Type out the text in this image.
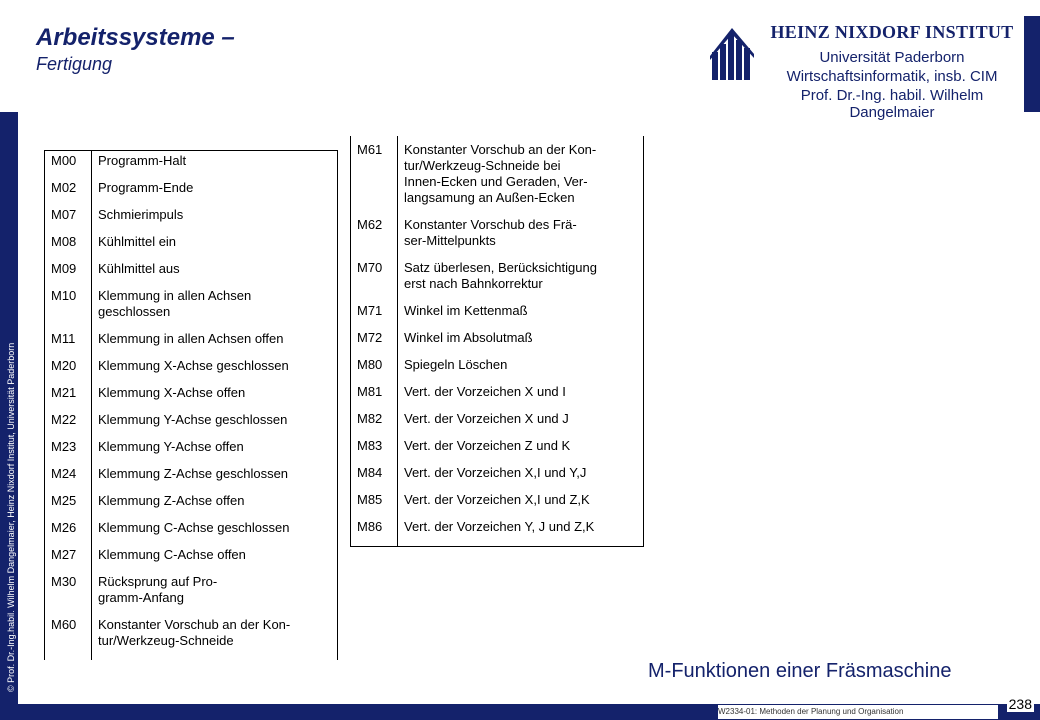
Arbeitssysteme –
Fertigung
HEINZ NIXDORF INSTITUT
Universität Paderborn
Wirtschaftsinformatik, insb. CIM
Prof. Dr.-Ing. habil. Wilhelm Dangelmaier
© Prof. Dr.-Ing.habil. Wilhelm Dangelmaier, Heinz Nixdorf Institut, Universität Paderborn
M00	Programm-Halt

M02	Programm-Ende

M07	Schmierimpuls

M08	Kühlmittel ein

M09	Kühlmittel aus

M10	Klemmung in allen Achsen
geschlossen

M11	Klemmung in allen Achsen offen

M20	Klemmung X-Achse geschlossen

M21	Klemmung X-Achse offen

M22	Klemmung Y-Achse geschlossen

M23	Klemmung Y-Achse offen

M24	Klemmung Z-Achse geschlossen

M25	Klemmung Z-Achse offen

M26	Klemmung C-Achse geschlossen

M27	Klemmung C-Achse offen

M30	Rücksprung auf Pro-
gramm-Anfang

M60	Konstanter Vorschub an der Kon-
tur/Werkzeug-Schneide
M61	Konstanter Vorschub an der Kon-
tur/Werkzeug-Schneide bei
Innen-Ecken und Geraden, Ver-
langsamung an Außen-Ecken

M62	Konstanter Vorschub des Frä-
ser-Mittelpunkts

M70	Satz überlesen, Berücksichtigung
erst nach Bahnkorrektur

M71	Winkel im Kettenmaß

M72	Winkel im Absolutmaß

M80	Spiegeln Löschen

M81	Vert. der Vorzeichen X und I

M82	Vert. der Vorzeichen X und J

M83	Vert. der Vorzeichen Z und K

M84	Vert. der Vorzeichen X,I und Y,J

M85	Vert. der Vorzeichen X,I und Z,K

M86	Vert. der Vorzeichen Y, J und Z,K
M-Funktionen einer Fräsmaschine
W2334-01: Methoden der Planung und Organisation	238
